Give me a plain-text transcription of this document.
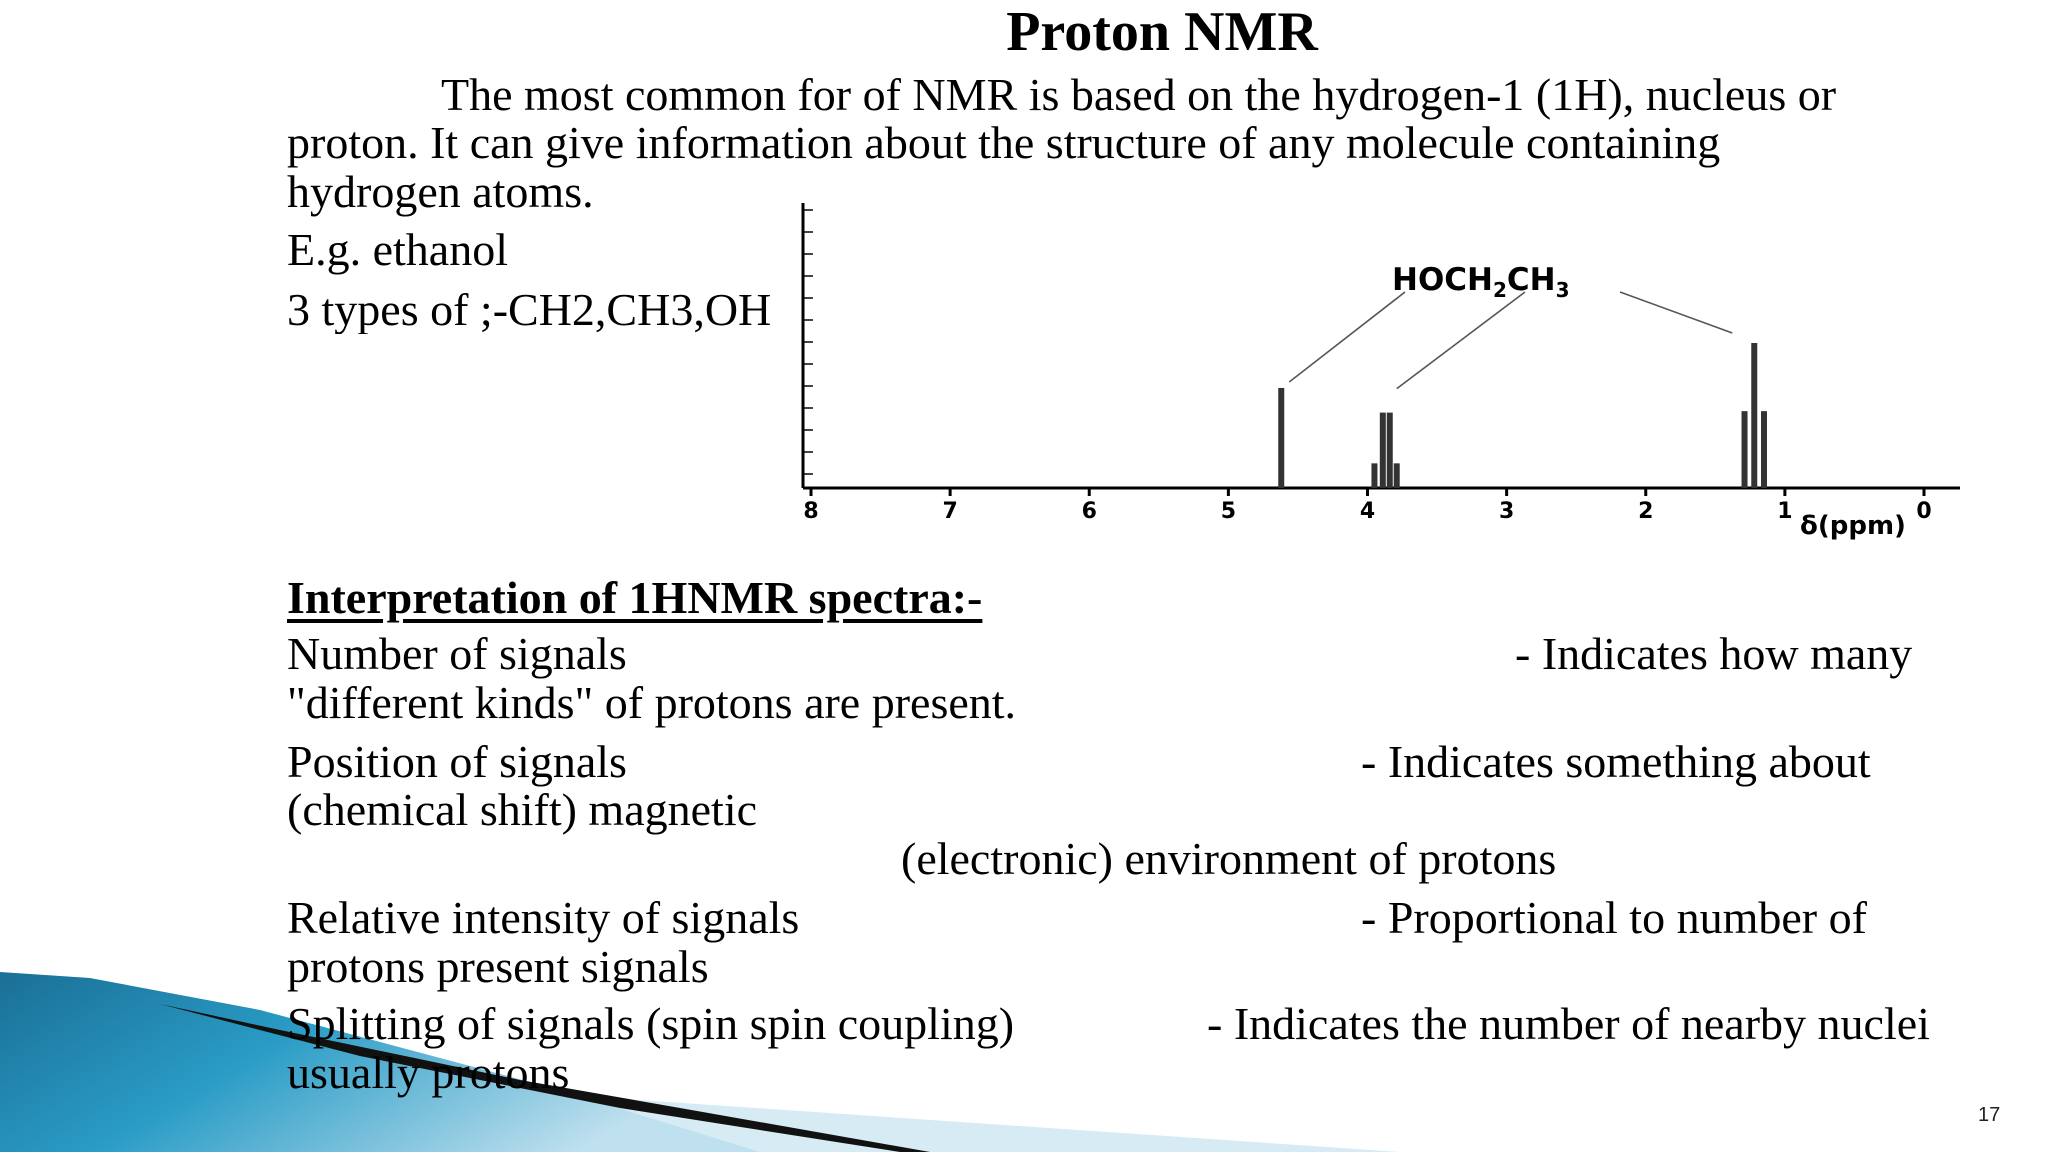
8	7	6	5	4	3	2	1	0
$HOCH_2CH_3$
δ(ppm)
Proton NMR
The most common for of NMR is based on the hydrogen-1 (1H), nucleus or
proton. It can give information about the structure of any molecule containing
hydrogen atoms.
E.g. ethanol
3 types of ;-CH2,CH3,OH
Interpretation of 1HNMR spectra:-
Number of signals	- Indicates how many
"different kinds" of protons are present.
Position of signals	- Indicates something about
(chemical shift) magnetic
(electronic) environment of protons
Relative intensity of signals	- Proportional to number of
protons present signals
Splitting of signals (spin spin coupling)	- Indicates the number of nearby nuclei
usually protons
17
